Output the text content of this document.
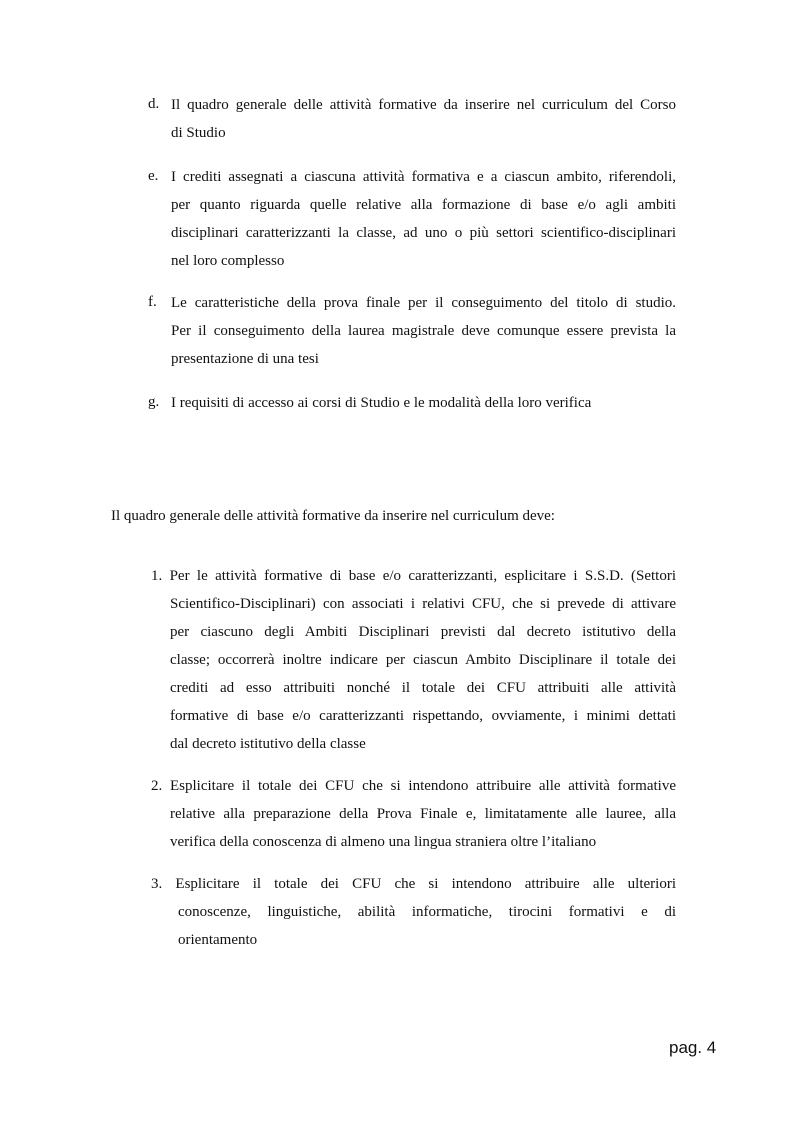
d. Il quadro generale delle attività formative da inserire nel curriculum del Corso
di Studio
e. I crediti assegnati a ciascuna attività formativa e a ciascun ambito, riferendoli,
per quanto riguarda quelle relative alla formazione di base e/o agli ambiti
disciplinari caratterizzanti la classe, ad uno o più settori scientifico-disciplinari
nel loro complesso
f. Le caratteristiche della prova finale per il conseguimento del titolo di studio.
Per il conseguimento della laurea magistrale deve comunque essere prevista la
presentazione di una tesi
g. I requisiti di accesso ai corsi di Studio e le modalità della loro verifica
Il quadro generale delle attività formative da inserire nel curriculum deve:
1. Per le attività formative di base e/o caratterizzanti, esplicitare i S.S.D. (Settori
Scientifico-Disciplinari) con associati i relativi CFU, che si prevede di attivare
per ciascuno degli Ambiti Disciplinari previsti dal decreto istitutivo della
classe; occorrerà inoltre indicare per ciascun Ambito Disciplinare il totale dei
crediti ad esso attribuiti nonché il totale dei CFU attribuiti alle attività
formative di base e/o caratterizzanti rispettando, ovviamente, i minimi dettati
dal decreto istitutivo della classe
2. Esplicitare il totale dei CFU che si intendono attribuire alle attività formative
relative alla preparazione della Prova Finale e, limitatamente alle lauree, alla
verifica della conoscenza di almeno una lingua straniera oltre l’italiano
3. Esplicitare il totale dei CFU che si intendono attribuire alle ulteriori
conoscenze, linguistiche, abilità informatiche, tirocini formativi e di
orientamento
pag. 4
